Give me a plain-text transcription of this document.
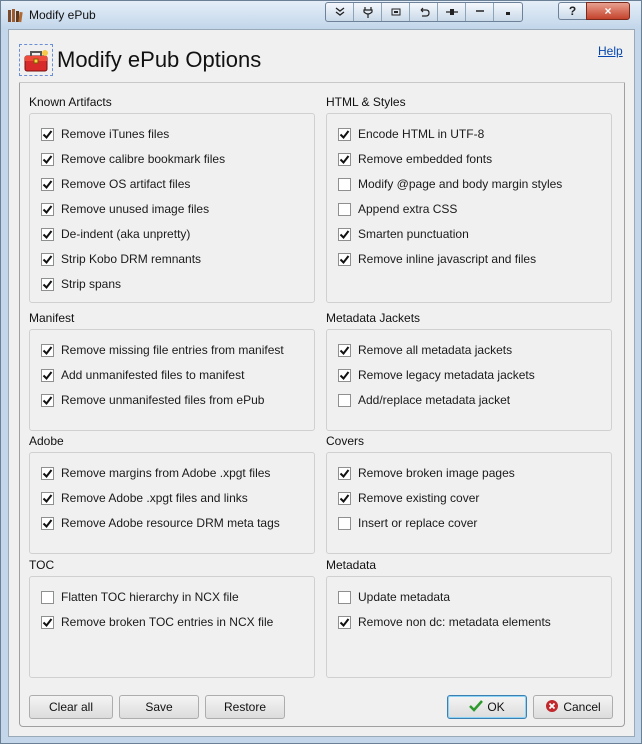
Modify ePub	? ×
Modify ePub Options	Help
Known Artifacts
Remove iTunes files
Remove calibre bookmark files
Remove OS artifact files
Remove unused image files
De-indent (aka unpretty)
Strip Kobo DRM remnants
Strip spans
HTML & Styles
Encode HTML in UTF-8
Remove embedded fonts
Modify @page and body margin styles
Append extra CSS
Smarten punctuation
Remove inline javascript and files
Manifest
Remove missing file entries from manifest
Add unmanifested files to manifest
Remove unmanifested files from ePub
Metadata Jackets
Remove all metadata jackets
Remove legacy metadata jackets
Add/replace metadata jacket
Adobe
Remove margins from Adobe .xpgt files
Remove Adobe .xpgt files and links
Remove Adobe resource DRM meta tags
Covers
Remove broken image pages
Remove existing cover
Insert or replace cover
TOC
Flatten TOC hierarchy in NCX file
Remove broken TOC entries in NCX file
Metadata
Update metadata
Remove non dc: metadata elements
Clear all	Save	Restore	OK	Cancel
